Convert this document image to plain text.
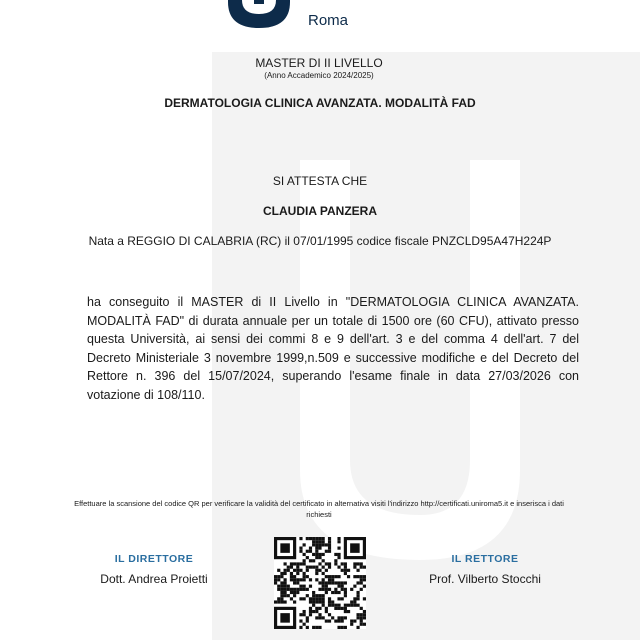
Roma
MASTER DI II LIVELLO
(Anno Accademico 2024/2025)
DERMATOLOGIA CLINICA AVANZATA. MODALITÀ FAD
SI ATTESTA CHE
CLAUDIA PANZERA
Nata a REGGIO DI CALABRIA (RC) il 07/01/1995 codice fiscale PNZCLD95A47H224P
ha conseguito il MASTER di II Livello in "DERMATOLOGIA CLINICA AVANZATA. MODALITÀ FAD" di durata annuale per un totale di 1500 ore (60 CFU), attivato presso questa Università, ai sensi dei commi 8 e 9 dell'art. 3 e del comma 4 dell'art. 7 del Decreto Ministeriale 3 novembre 1999,n.509 e successive modifiche e del Decreto del Rettore n. 396 del 15/07/2024, superando l'esame finale in data 27/03/2026 con votazione di 108/110.
Effettuare la scansione del codice QR per verificare la validità del certificato in alternativa visiti l'indirizzo http://certificati.uniroma5.it e inserisca i dati richiesti
IL DIRETTORE
Dott. Andrea Proietti
IL RETTORE
Prof. Vilberto Stocchi
